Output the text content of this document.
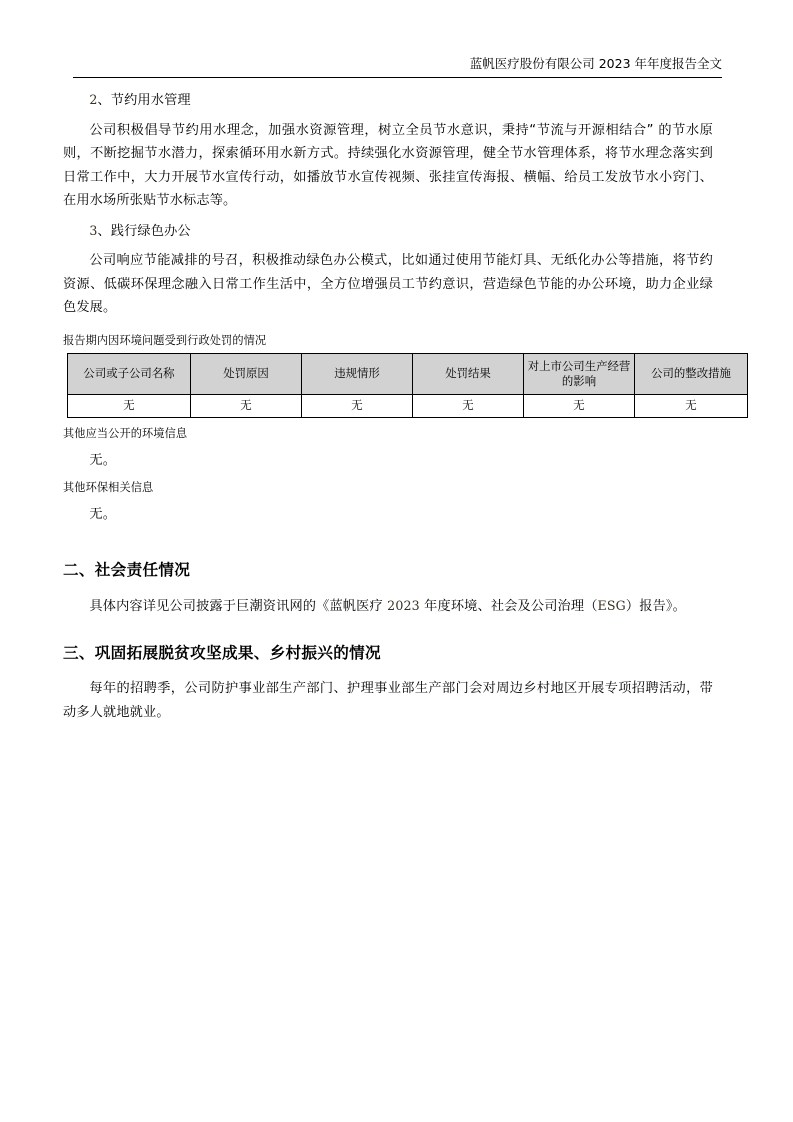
蓝帆医疗股份有限公司 2023 年年度报告全文

2、节约用水管理

公司积极倡导节约用水理念，加强水资源管理，树立全员节水意识，秉持“节流与开源相结合” 的节水原则，不断挖掘节水潜力，探索循环用水新方式。持续强化水资源管理，健全节水管理体系，将节水理念落实到日常工作中，大力开展节水宣传行动，如播放节水宣传视频、张挂宣传海报、横幅、给员工发放节水小窍门、在用水场所张贴节水标志等。

3、践行绿色办公

公司响应节能减排的号召，积极推动绿色办公模式，比如通过使用节能灯具、无纸化办公等措施，将节约资源、低碳环保理念融入日常工作生活中，全方位增强员工节约意识，营造绿色节能的办公环境，助力企业绿色发展。

报告期内因环境问题受到行政处罚的情况

公司或子公司名称	处罚原因	违规情形	处罚结果	对上市公司生产经营的影响	公司的整改措施
无	无	无	无	无	无

其他应当公开的环境信息

无。

其他环保相关信息

无。

二、社会责任情况

具体内容详见公司披露于巨潮资讯网的《蓝帆医疗 2023 年度环境、社会及公司治理（ESG）报告》。

三、巩固拓展脱贫攻坚成果、乡村振兴的情况

每年的招聘季，公司防护事业部生产部门、护理事业部生产部门会对周边乡村地区开展专项招聘活动，带动多人就地就业。
